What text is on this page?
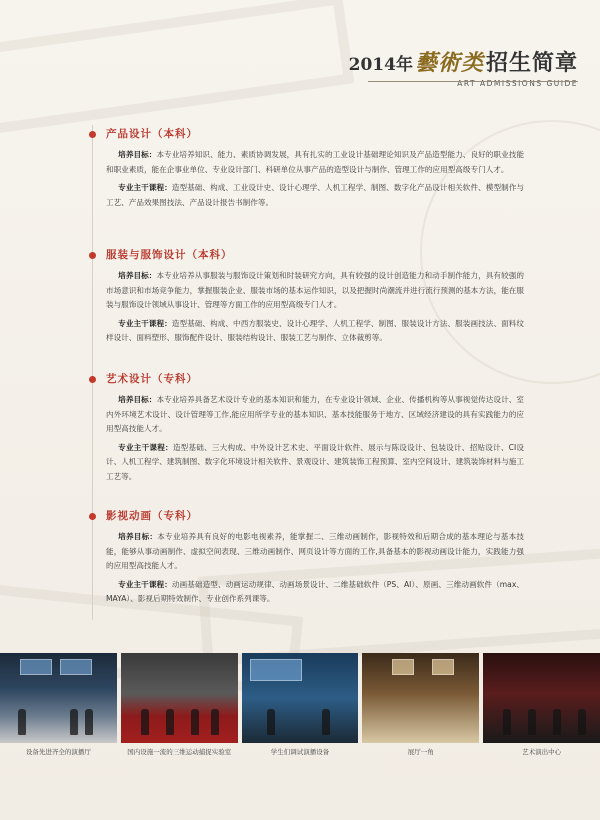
2014年 藝術类 招生简章
ART ADMISSIONS GUIDE
产品设计（本科）

培养目标：本专业培养知识、能力、素质协调发展，具有扎实的工业设计基础理论知识及产品造型能力、良好的职业技能和职业素质，能在企事业单位、专业设计部门、科研单位从事产品的造型设计与制作、管理工作的应用型高级专门人才。

专业主干课程：造型基础、构成、工业设计史、设计心理学、人机工程学、制图、数字化产品设计相关软件、模型制作与工艺、产品效果图技法、产品设计报告书制作等。

服装与服饰设计（本科）

培养目标：本专业培养从事服装与服饰设计策划和时装研究方向，具有较强的设计创造能力和动手制作能力，具有较强的市场意识和市场竞争能力，掌握服装企业、服装市场的基本运作知识，以及把握时尚潮流并进行流行预测的基本方法，能在服装与服饰设计领域从事设计、管理等方面工作的应用型高级专门人才。

专业主干课程：造型基础、构成、中西方服装史、设计心理学、人机工程学、制图、服装设计方法、服装画技法、面料纹样设计、面料塑形、服饰配件设计、服装结构设计、服装工艺与制作、立体裁剪等。

艺术设计（专科）

培养目标：本专业培养具备艺术设计专业的基本知识和能力，在专业设计领域、企业、传播机构等从事视觉传达设计、室内外环境艺术设计、设计管理等工作,能应用所学专业的基本知识、基本技能服务于地方、区域经济建设的具有实践能力的应用型高技能人才。

专业主干课程：造型基础、三大构成、中外设计艺术史、平面设计软件、展示与陈设设计、包装设计、招贴设计、CI设计、人机工程学、建筑制图、数字化环境设计相关软件、景观设计、建筑装饰工程预算、室内空间设计、建筑装饰材料与施工工艺等。

影视动画（专科）

培养目标：本专业培养具有良好的电影电视素养，能掌握二、三维动画制作，影视特效和后期合成的基本理论与基本技能，能够从事动画制作、虚拟空间表现、三维动画制作、网页设计等方面的工作,具备基本的影视动画设计能力，实践能力强的应用型高技能人才。

专业主干课程：动画基础造型、动画运动规律、动画场景设计、二维基础软件（PS、AI）、原画、三维动画软件（max、MAYA）、影视后期特效制作、专业创作系列课等。

设备先进齐全的演播厅	国内设施一流的三维运动捕捉实验室	学生们调试演播设备	展厅一角	艺术演出中心
